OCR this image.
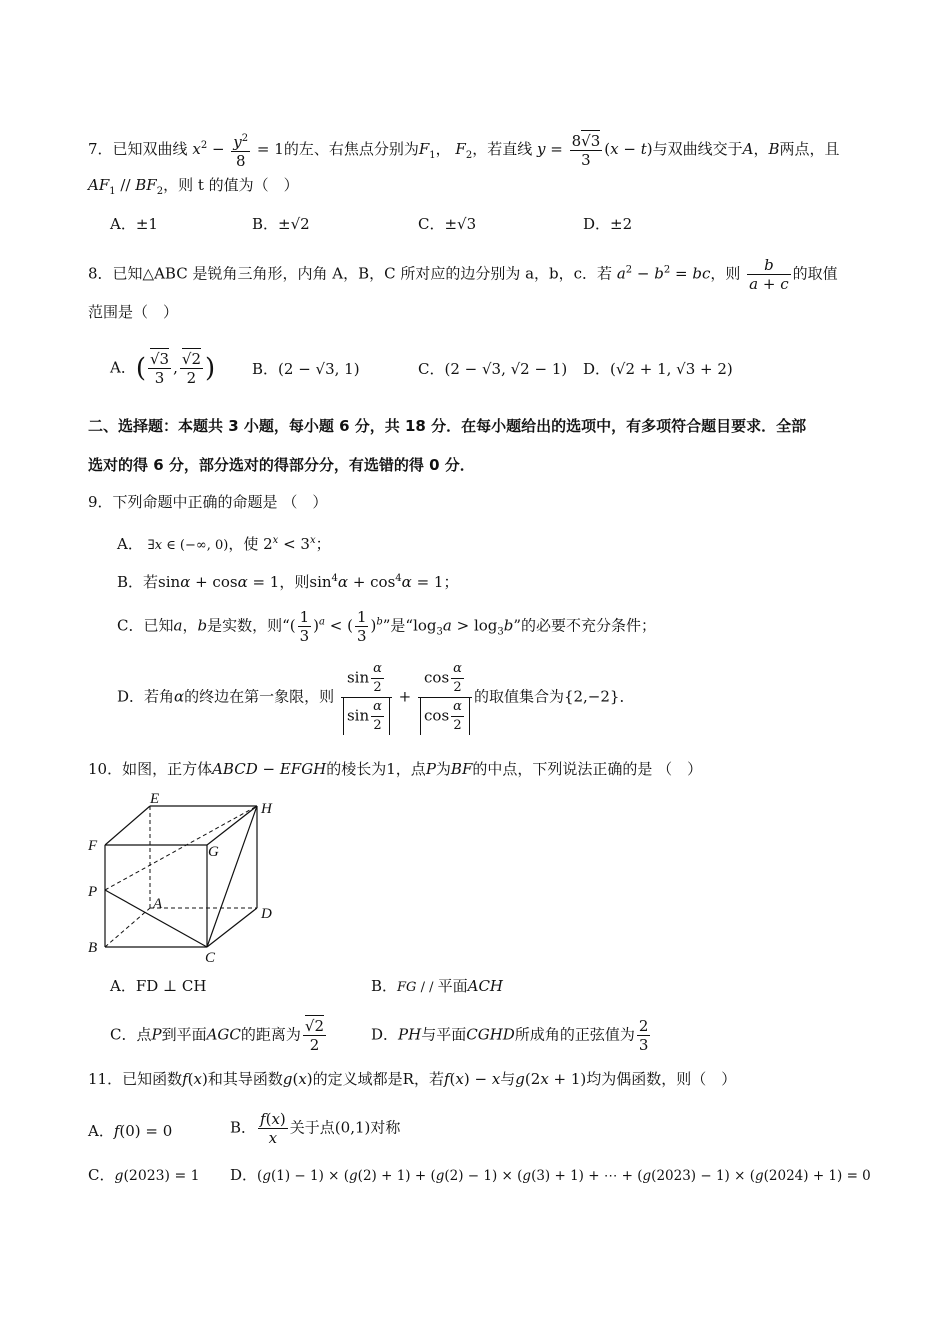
7．已知双曲线 $x^2 - \frac{y^2}{8} = 1$的左、右焦点分别为$F_1$， $F_2$，若直线 $y = \frac{8√3}{3} (x - t)$与双曲线交于A，B两点，且
$AF_1 // BF_2$，则 t 的值为（　）
A．±1	B．±√2	C．±√3	D．±2
8．已知△ABC 是锐角三角形，内角 A，B，C 所对应的边分别为 a，b，c．若 $a^2 - b^2$ = bc，则 $\frac{b}{a + c}$ 的取值
范围是（　）
A．( $\frac{√3}{3}$ , $\frac{√2}{2}$ ) B．(2 − √3, 1)	C．(2 − √3, √2 − 1) D．(√2 + 1, √3 + 2)
二、选择题：本题共 3 小题，每小题 6 分，共 18 分．在每小题给出的选项中，有多项符合题目要求．全部
选对的得 6 分，部分选对的得部分分，有选错的得 0 分．
9．下列命题中正确的命题是 （　）
A． ∃x ∈ (−∞, 0)，使 $2^x < 3^x$；
B．若sinα + cosα = 1，则$\sin^4\alpha + \cos^4\alpha = 1$；
C．已知a，b是实数，则“( $\frac{1}{3} )^a$ < ( $\frac{1}{3} )^b$”是“$\log_3a > \log_3b$”的必要不充分条件；
D．若角α的终边在第一象限，则 $\frac{\sin \frac{\alpha}{2}}{\sin \frac{\alpha}{2}} + \frac{\cos \frac{\alpha}{2}}{\cos \frac{\alpha}{2}}$ 的取值集合为{2,−2}．
10．如图，正方体ABCD − EFGH的棱长为1，点P为BF的中点，下列说法正确的是 （　）
E
H
F	G
P
A
D
B
C
A．FD ⊥ CH	B．FG / / 平面ACH
C．点P到平面AGC的距离为 $\frac{√2}{2}$	D．PH与平面CGHD所成角的正弦值为 $\frac{2}{3}$
11．已知函数f(x)和其导函数g(x)的定义域都是R，若f(x) − x与g(2x + 1)均为偶函数，则（　）
A．f(0) = 0	B． $\frac{f(x)}{x}$ 关于点(0,1)对称
C．g(2023) = 1 D．(g(1) − 1) × (g(2) + 1) + (g(2) − 1) × (g(3) + 1) + ⋯ + (g(2023) − 1) × (g(2024) + 1) = 0
